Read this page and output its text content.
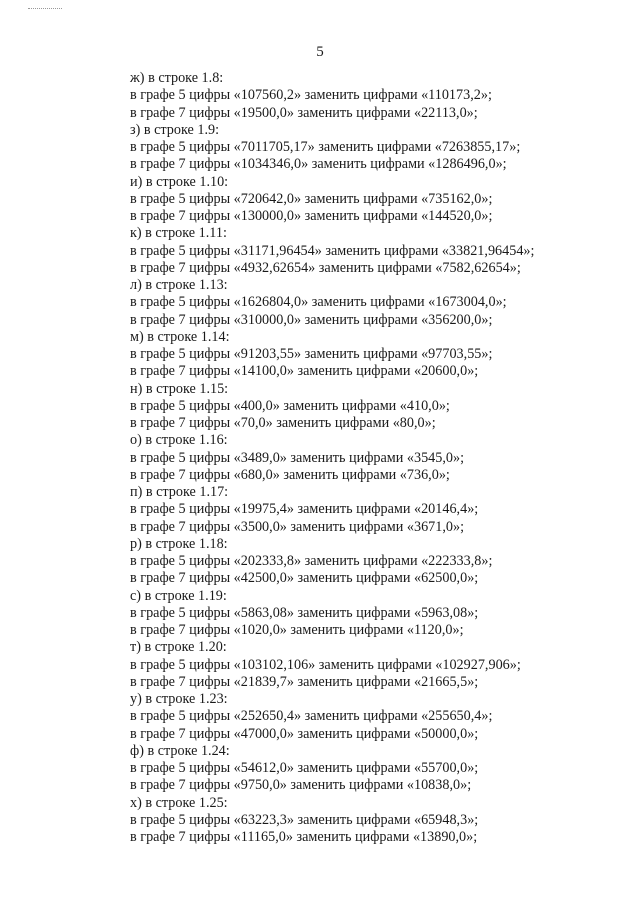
5
ж) в строке 1.8:
в графе 5 цифры «107560,2» заменить цифрами «110173,2»;
в графе 7 цифры «19500,0» заменить цифрами «22113,0»;
з) в строке 1.9:
в графе 5 цифры «7011705,17» заменить цифрами «7263855,17»;
в графе 7 цифры «1034346,0» заменить цифрами «1286496,0»;
и) в строке 1.10:
в графе 5 цифры «720642,0» заменить цифрами «735162,0»;
в графе 7 цифры «130000,0» заменить цифрами «144520,0»;
к) в строке 1.11:
в графе 5 цифры «31171,96454» заменить цифрами «33821,96454»;
в графе 7 цифры «4932,62654» заменить цифрами «7582,62654»;
л) в строке 1.13:
в графе 5 цифры «1626804,0» заменить цифрами «1673004,0»;
в графе 7 цифры «310000,0» заменить цифрами «356200,0»;
м) в строке 1.14:
в графе 5 цифры «91203,55» заменить цифрами «97703,55»;
в графе 7 цифры «14100,0» заменить цифрами «20600,0»;
н) в строке 1.15:
в графе 5 цифры «400,0» заменить цифрами «410,0»;
в графе 7 цифры «70,0» заменить цифрами «80,0»;
о) в строке 1.16:
в графе 5 цифры «3489,0» заменить цифрами «3545,0»;
в графе 7 цифры «680,0» заменить цифрами «736,0»;
п) в строке 1.17:
в графе 5 цифры «19975,4» заменить цифрами «20146,4»;
в графе 7 цифры «3500,0» заменить цифрами «3671,0»;
р) в строке 1.18:
в графе 5 цифры «202333,8» заменить цифрами «222333,8»;
в графе 7 цифры «42500,0» заменить цифрами «62500,0»;
с) в строке 1.19:
в графе 5 цифры «5863,08» заменить цифрами «5963,08»;
в графе 7 цифры «1020,0» заменить цифрами «1120,0»;
т) в строке 1.20:
в графе 5 цифры «103102,106» заменить цифрами «102927,906»;
в графе 7 цифры «21839,7» заменить цифрами «21665,5»;
у) в строке 1.23:
в графе 5 цифры «252650,4» заменить цифрами «255650,4»;
в графе 7 цифры «47000,0» заменить цифрами «50000,0»;
ф) в строке 1.24:
в графе 5 цифры «54612,0» заменить цифрами «55700,0»;
в графе 7 цифры «9750,0» заменить цифрами «10838,0»;
х) в строке 1.25:
в графе 5 цифры «63223,3» заменить цифрами «65948,3»;
в графе 7 цифры «11165,0» заменить цифрами «13890,0»;
